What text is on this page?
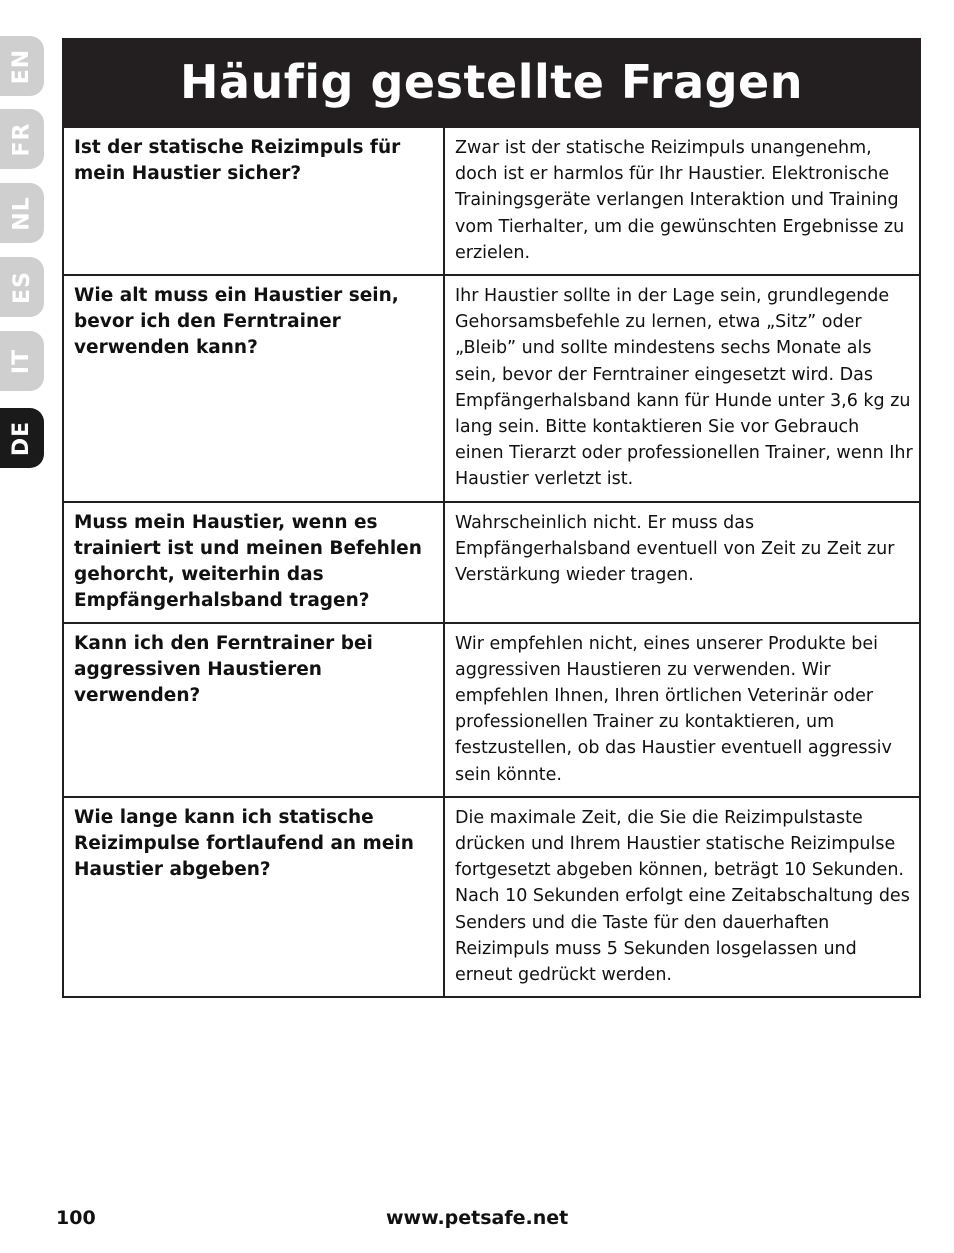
EN
FR
NL
ES
IT
DE
Häufig gestellte Fragen
Ist der statische Reizimpuls für mein Haustier sicher?	Zwar ist der statische Reizimpuls unangenehm, doch ist er harmlos für Ihr Haustier. Elektronische Trainingsgeräte verlangen Interaktion und Training vom Tierhalter, um die gewünschten Ergebnisse zu erzielen.
Wie alt muss ein Haustier sein, bevor ich den Ferntrainer verwenden kann?	Ihr Haustier sollte in der Lage sein, grundlegende Gehorsamsbefehle zu lernen, etwa „Sitz” oder „Bleib” und sollte mindestens sechs Monate als sein, bevor der Ferntrainer eingesetzt wird. Das Empfängerhalsband kann für Hunde unter 3,6 kg zu lang sein. Bitte kontaktieren Sie vor Gebrauch einen Tierarzt oder professionellen Trainer, wenn Ihr Haustier verletzt ist.
Muss mein Haustier, wenn es trainiert ist und meinen Befehlen gehorcht, weiterhin das Empfängerhalsband tragen?	Wahrscheinlich nicht. Er muss das Empfängerhalsband eventuell von Zeit zu Zeit zur Verstärkung wieder tragen.
Kann ich den Ferntrainer bei aggressiven Haustieren verwenden?	Wir empfehlen nicht, eines unserer Produkte bei aggressiven Haustieren zu verwenden. Wir empfehlen Ihnen, Ihren örtlichen Veterinär oder professionellen Trainer zu kontaktieren, um festzustellen, ob das Haustier eventuell aggressiv sein könnte.
Wie lange kann ich statische Reizimpulse fortlaufend an mein Haustier abgeben?	Die maximale Zeit, die Sie die Reizimpulstaste drücken und Ihrem Haustier statische Reizimpulse fortgesetzt abgeben können, beträgt 10 Sekunden. Nach 10 Sekunden erfolgt eine Zeitabschaltung des Senders und die Taste für den dauerhaften Reizimpuls muss 5 Sekunden losgelassen und erneut gedrückt werden.
100	www.petsafe.net
